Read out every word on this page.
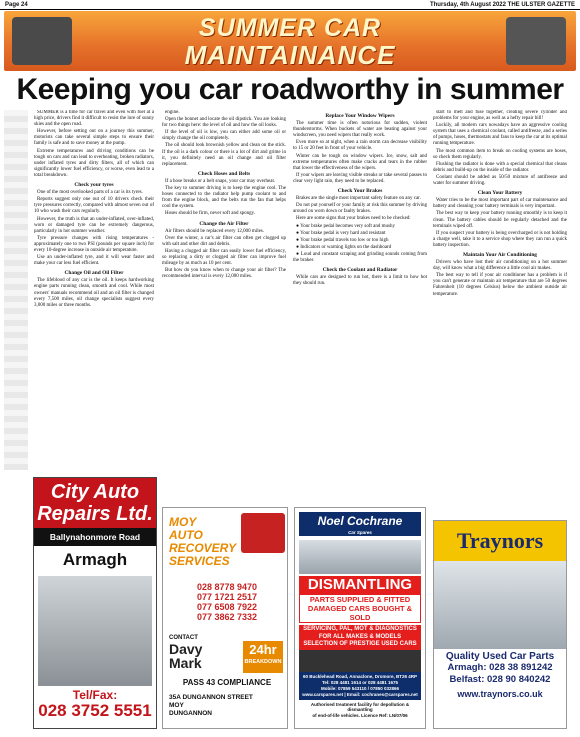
Page 24	Thursday, 4th August 2022 THE ULSTER GAZETTE
SUMMER CAR
MAINTAINANCE
Keeping you car roadworthy in summer

SUMMER is a time for car travel and even with fuel at a high price, drivers find it difficult to resist the lure of sunny skies and the open road.

However, before setting out on a journey this summer, motorists can take several simple steps to ensure their family is safe and to save money at the pump.

Extreme temperatures and driving conditions can be tough on cars and can lead to overheating, broken radiators, under inflated tyres and dirty filters, all of which can significantly lower fuel efficiency, or worse, even lead to a total breakdown.

Check your tyres

One of the most overlooked parts of a car is its tyres.

Reports suggest only one out of 10 drivers check their tyre pressures correctly, compared with almost seven out of 10 who wash their cars regularly.

However, the truth is that an under-inflated, over-inflated, worn or damaged tyre can be extremely dangerous, particularly in hot summer weather.

Tyre pressure changes with rising temperatures - approximately one to two PSI (pounds per square inch) for every 10-degree increase in outside air temperature.

Use an under-inflated tyre, and it will wear faster and make your car less fuel efficient.

Change Oil and Oil Filter

The lifeblood of any car is the oil. It keeps hardworking engine parts running clean, smooth and cool. While most owners' manuals recommend oil and an oil filter is changed every 7,500 miles, oil change specialists suggest every 3,000 miles or three months.

engine.

Open the bonnet and locate the oil dipstick. You are looking for two things here: the level of oil and how the oil looks.

If the level of oil is low, you can either add some oil or simply change the oil completely.

The oil should look brownish yellow and clean on the stick. If the oil is a dark colour or there is a lot of dirt and grime in it, you definitely need an oil change and oil filter replacement.

Check Hoses and Belts

If a hose breaks or a belt snaps, your car may overheat.

The key to summer driving is to keep the engine cool. The hoses connected to the radiator help pump coolant to and from the engine block, and the belts run the fan that helps cool the system.

Hoses should be firm, never soft and spongy.

Change the Air Filter

Air filters should be replaced every 12,000 miles.

Over the winter, a car's air filter can often get clogged up with salt and other dirt and debris.

Having a clogged air filter can easily lower fuel efficiency, so replacing a dirty or clogged air filter can improve fuel mileage by as much as 10 per cent.

But how do you know when to change your air filter? The recommended interval is every 12,000 miles.

Replace Your Window Wipers

The summer time is often notorious for sudden, violent thunderstorms. When buckets of water are beating against your windscreen, you need wipers that really work.

Even more so at night, when a rain storm can decrease visibility to 15 or 20 feet in front of your vehicle.

Winter can be tough on window wipers. Ice, snow, salt and extreme temperatures often make cracks and tears in the rubber that lower the effectiveness of the wipers.

If your wipers are leaving visible streaks or take several passes to clear very light rain, they need to be replaced.

Check Your Brakes

Brakes are the single most important safety feature on any car.

Do not put yourself or your family at risk this summer by driving around on worn down or faulty brakes.

Here are some signs that your brakes need to be checked:

● Your brake pedal becomes very soft and mushy

● Your brake pedal is very hard and resistant

● Your brake pedal travels too low or too high

● Indicators or warning lights on the dashboard

● Loud and constant scraping and grinding sounds coming from the brakes

Check the Coolant and Radiator

While cars are designed to run hot, there is a limit to how hot they should run.

start to melt and fuse together, creating severe cylinder and problems for your engine, as well as a hefty repair bill!

Luckily, all modern cars nowadays have an aggressive cooling system that uses a chemical coolant, called antifreeze, and a series of pumps, hoses, thermostats and fans to keep the car at its optimal running temperature.

The most common item to break on cooling systems are hoses, so check them regularly.

Flushing the radiator is done with a special chemical that cleans debris and build-up on the inside of the radiator.

Coolant should be added as 50/50 mixture of antifreeze and water for summer driving.

Clean Your Battery

Water tries to be the most important part of car maintenance and battery and cleaning your battery terminals is very important.

The best way to keep your battery running smoothly is to keep it clean. The battery cables should be regularly detached and the terminals wiped off.

If you suspect your battery is being overcharged or is not holding a charge well, take it to a service shop where they can run a quick battery inspection.

Maintain Your Air Conditioning

Drivers who have lost their air conditioning on a hot summer day, will know what a big difference a little cool air makes.

The best way to tell if your air conditioner has a problem is if you can't generate or maintain air temperature that are 50 degrees Fahrenheit (10 degrees Celsius) below the ambient outside air temperature.

City Auto
Repairs Ltd.
Ballynahonmore Road
Armagh
Tel/Fax:
028 3752 5551
MOY
AUTO
RECOVERY
SERVICES
028 8778 9470
077 1721 2517
077 6508 7922
077 3862 7332
CONTACT
Davy
Mark
24hr
BREAKDOWN
PASS 43 COMPLIANCE
35A DUNGANNON STREET
MOY
DUNGANNON
Noel Cochrane
Car Spares
DISMANTLING
PARTS SUPPLIED & FITTED
DAMAGED CARS BOUGHT & SOLD
SERVICING, PAL, MOT & DIAGNOSTICS
FOR ALL MAKES & MODELS
SELECTION OF PRESTIGE USED CARS
60 Bucklehead Road, Annaclone, Dromore, BT26 4RP
Tel: 028 4481 1614 or 028 4481 1675
Mobile: 07859 543110 / 07850 032866
www.carspares.net | Email: cochranes@carspares.net
Authorised treatment facility for depollution & dismantling
of end-of-life vehicles. Licence Ref: LN/07/06
Traynors
Quality Used Car Parts
Armagh: 028 38 891242
Belfast: 028 90 840242
www.traynors.co.uk
